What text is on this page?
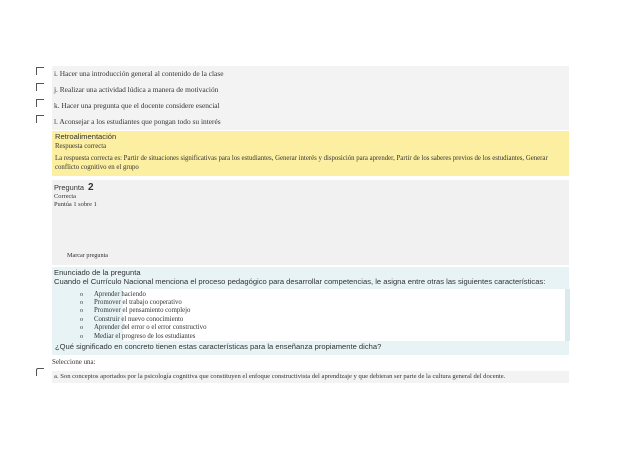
i. Hacer una introducción general al contenido de la clase
j. Realizar una actividad lúdica a manera de motivación
k. Hacer una pregunta que el docente considere esencial
l. Aconsejar a los estudiantes que pongan todo su interés
Retroalimentación
Respuesta correcta
La respuesta correcta es: Partir de situaciones significativas para los estudiantes, Generar interés y disposición para aprender, Partir de los saberes previos de los estudiantes, Generar conflicto cognitivo en el grupo
Pregunta 2
Correcta
Puntúa 1 sobre 1
Marcar pregunta
Enunciado de la pregunta
Cuando el Currículo Nacional menciona el proceso pedagógico para desarrollar competencias, le asigna entre otras las siguientes características:
o Aprender haciendo
o Promover el trabajo cooperativo
o Promover el pensamiento complejo
o Construir el nuevo conocimiento
o Aprender del error o el error constructivo
o Mediar el progreso de los estudiantes
¿Qué significado en concreto tienen estas características para la enseñanza propiamente dicha?
Seleccione una:
a. Son conceptos aportados por la psicología cognitiva que constituyen el enfoque constructivista del aprendizaje y que debieran ser parte de la cultura general del docente.
